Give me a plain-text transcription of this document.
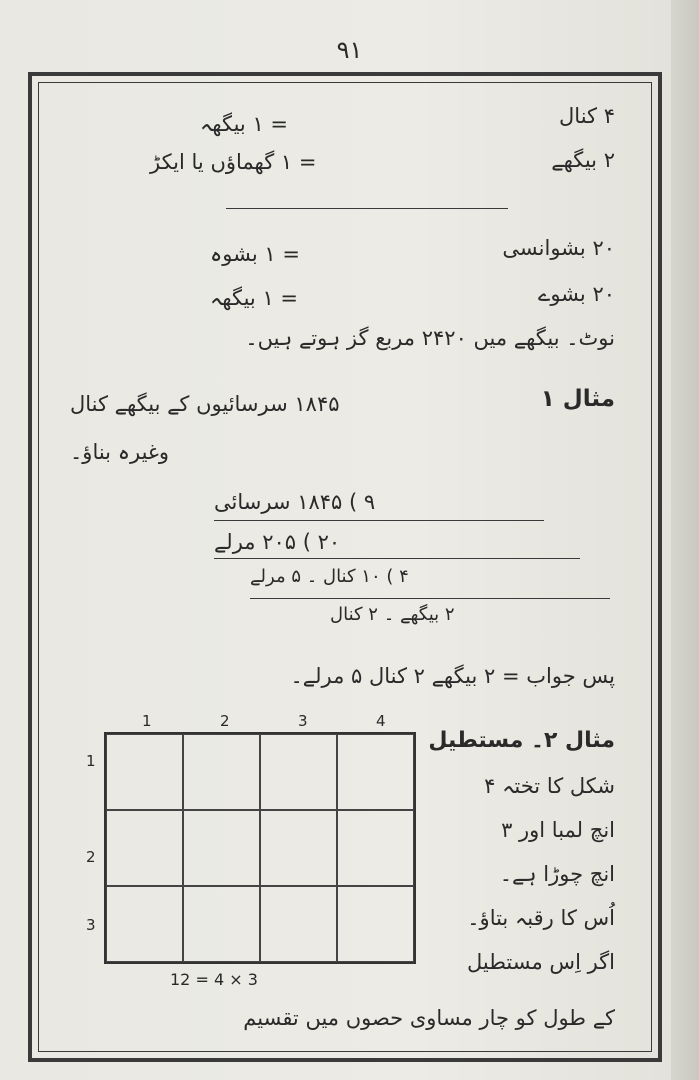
۹۱
۴ کنال
= ۱ بیگھہ
۲ بیگھے
= ۱ گھماؤں یا ایکڑ
۲۰ بشوانسی
= ۱ بشوہ
۲۰ بشوے
= ۱ بیگھہ
نوٹ۔ بیگھے میں ۲۴۲۰ مربع گز ہوتے ہیں۔
مثال ۱
۱۸۴۵ سرسائیوں کے بیگھے کنال
وغیرہ بناؤ۔
۹ ) ۱۸۴۵ سرسائی
۲۰ ) ۲۰۵ مرلے
۴ ) ۱۰ کنال ۔ ۵ مرلے
۲ بیگھے ۔ ۲ کنال
پس جواب = ۲ بیگھے ۲ کنال ۵ مرلے۔
مثال ۲۔ مستطیل
شکل کا تختہ ۴
انچ لمبا اور ۳
انچ چوڑا ہے۔
اُس کا رقبہ بتاؤ۔
اگر اِس مستطیل
کے طول کو چار مساوی حصوں میں تقسیم
1	2	3	4
1
2
3
12 = 4 × 3
